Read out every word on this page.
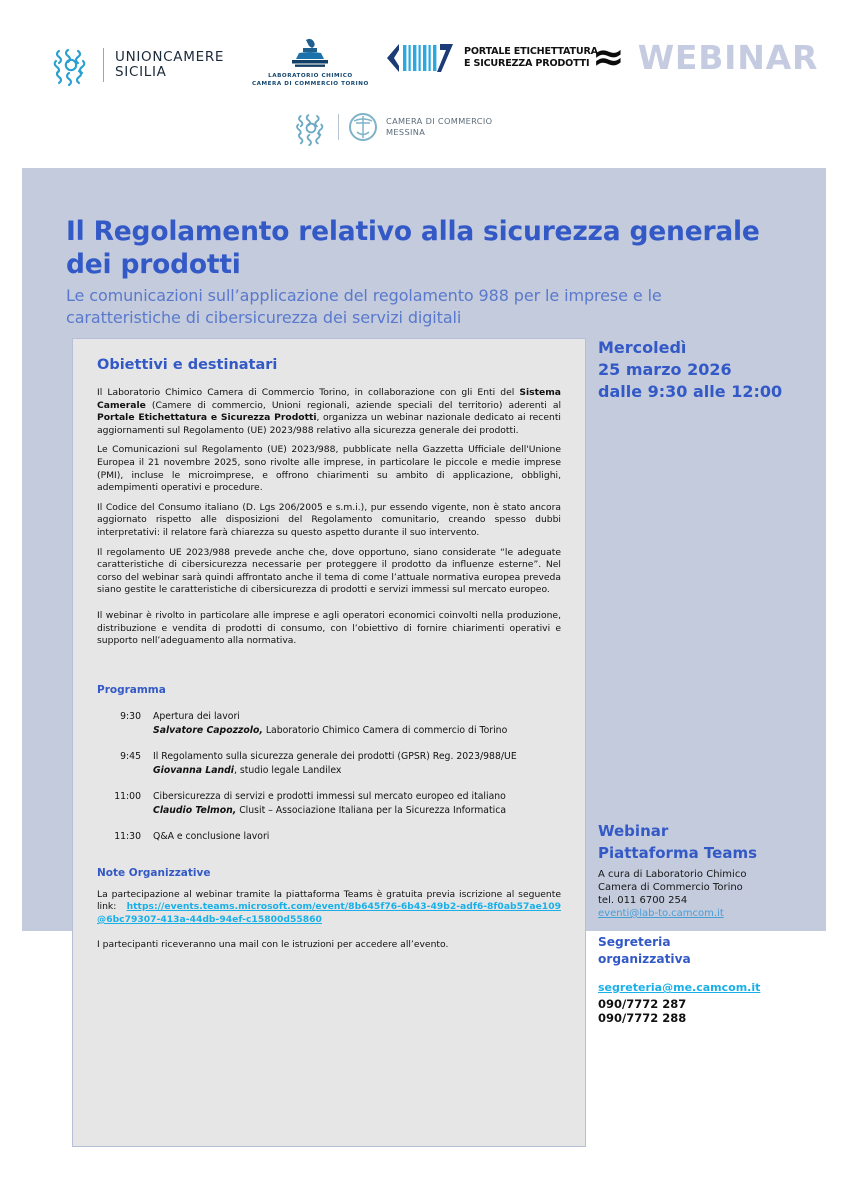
UNIONCAMERE
SICILIA	LABORATORIO CHIMICO
CAMERA DI COMMERCIO TORINO
PORTALE ETICHETTATURA
E SICUREZZA PRODOTTI ≈ WEBINAR
CAMERA DI COMMERCIO
MESSINA
Il Regolamento relativo alla sicurezza generale dei prodotti

Le comunicazioni sull’applicazione del regolamento 988 per le imprese e le caratteristiche di cibersicurezza dei servizi digitali

Mercoledì
25 marzo 2026
dalle 9:30 alle 12:00
Webinar
Piattaforma Teams
A cura di Laboratorio Chimico
Camera di Commercio Torino
tel. 011 6700 254
eventi@lab-to.camcom.it
Segreteria
organizzativa
segreteria@me.camcom.it
090/7772 287
090/7772 288
Obiettivi e destinatari

Il Laboratorio Chimico Camera di Commercio Torino, in collaborazione con gli Enti del Sistema Camerale (Camere di commercio, Unioni regionali, aziende speciali del territorio) aderenti al Portale Etichettatura e Sicurezza Prodotti, organizza un webinar nazionale dedicato ai recenti aggiornamenti sul Regolamento (UE) 2023/988 relativo alla sicurezza generale dei prodotti.

Le Comunicazioni sul Regolamento (UE) 2023/988, pubblicate nella Gazzetta Ufficiale dell'Unione Europea il 21 novembre 2025, sono rivolte alle imprese, in particolare le piccole e medie imprese (PMI), incluse le microimprese, e offrono chiarimenti su ambito di applicazione, obblighi, adempimenti operativi e procedure.

Il Codice del Consumo italiano (D. Lgs 206/2005 e s.m.i.), pur essendo vigente, non è stato ancora aggiornato rispetto alle disposizioni del Regolamento comunitario, creando spesso dubbi interpretativi: il relatore farà chiarezza su questo aspetto durante il suo intervento.

Il regolamento UE 2023/988 prevede anche che, dove opportuno, siano considerate “le adeguate caratteristiche di cibersicurezza necessarie per proteggere il prodotto da influenze esterne”. Nel corso del webinar sarà quindi affrontato anche il tema di come l’attuale normativa europea preveda siano gestite le caratteristiche di cibersicurezza di prodotti e servizi immessi sul mercato europeo.

Il webinar è rivolto in particolare alle imprese e agli operatori economici coinvolti nella produzione, distribuzione e vendita di prodotti di consumo, con l’obiettivo di fornire chiarimenti operativi e supporto nell’adeguamento alla normativa.

Programma
9:30	Apertura dei lavori
Salvatore Capozzolo, Laboratorio Chimico Camera di commercio di Torino
9:45	Il Regolamento sulla sicurezza generale dei prodotti (GPSR) Reg. 2023/988/UE
Giovanna Landi, studio legale Landilex
11:00	Cibersicurezza di servizi e prodotti immessi sul mercato europeo ed italiano
Claudio Telmon, Clusit – Associazione Italiana per la Sicurezza Informatica
11:30	Q&A e conclusione lavori
Note Organizzative

La partecipazione al webinar tramite la piattaforma Teams è gratuita previa iscrizione al seguente link: https://events.teams.microsoft.com/event/8b645f76-6b43-49b2-adf6-8f0ab57ae109@6bc79307-413a-44db-94ef-c15800d55860

I partecipanti riceveranno una mail con le istruzioni per accedere all’evento.
